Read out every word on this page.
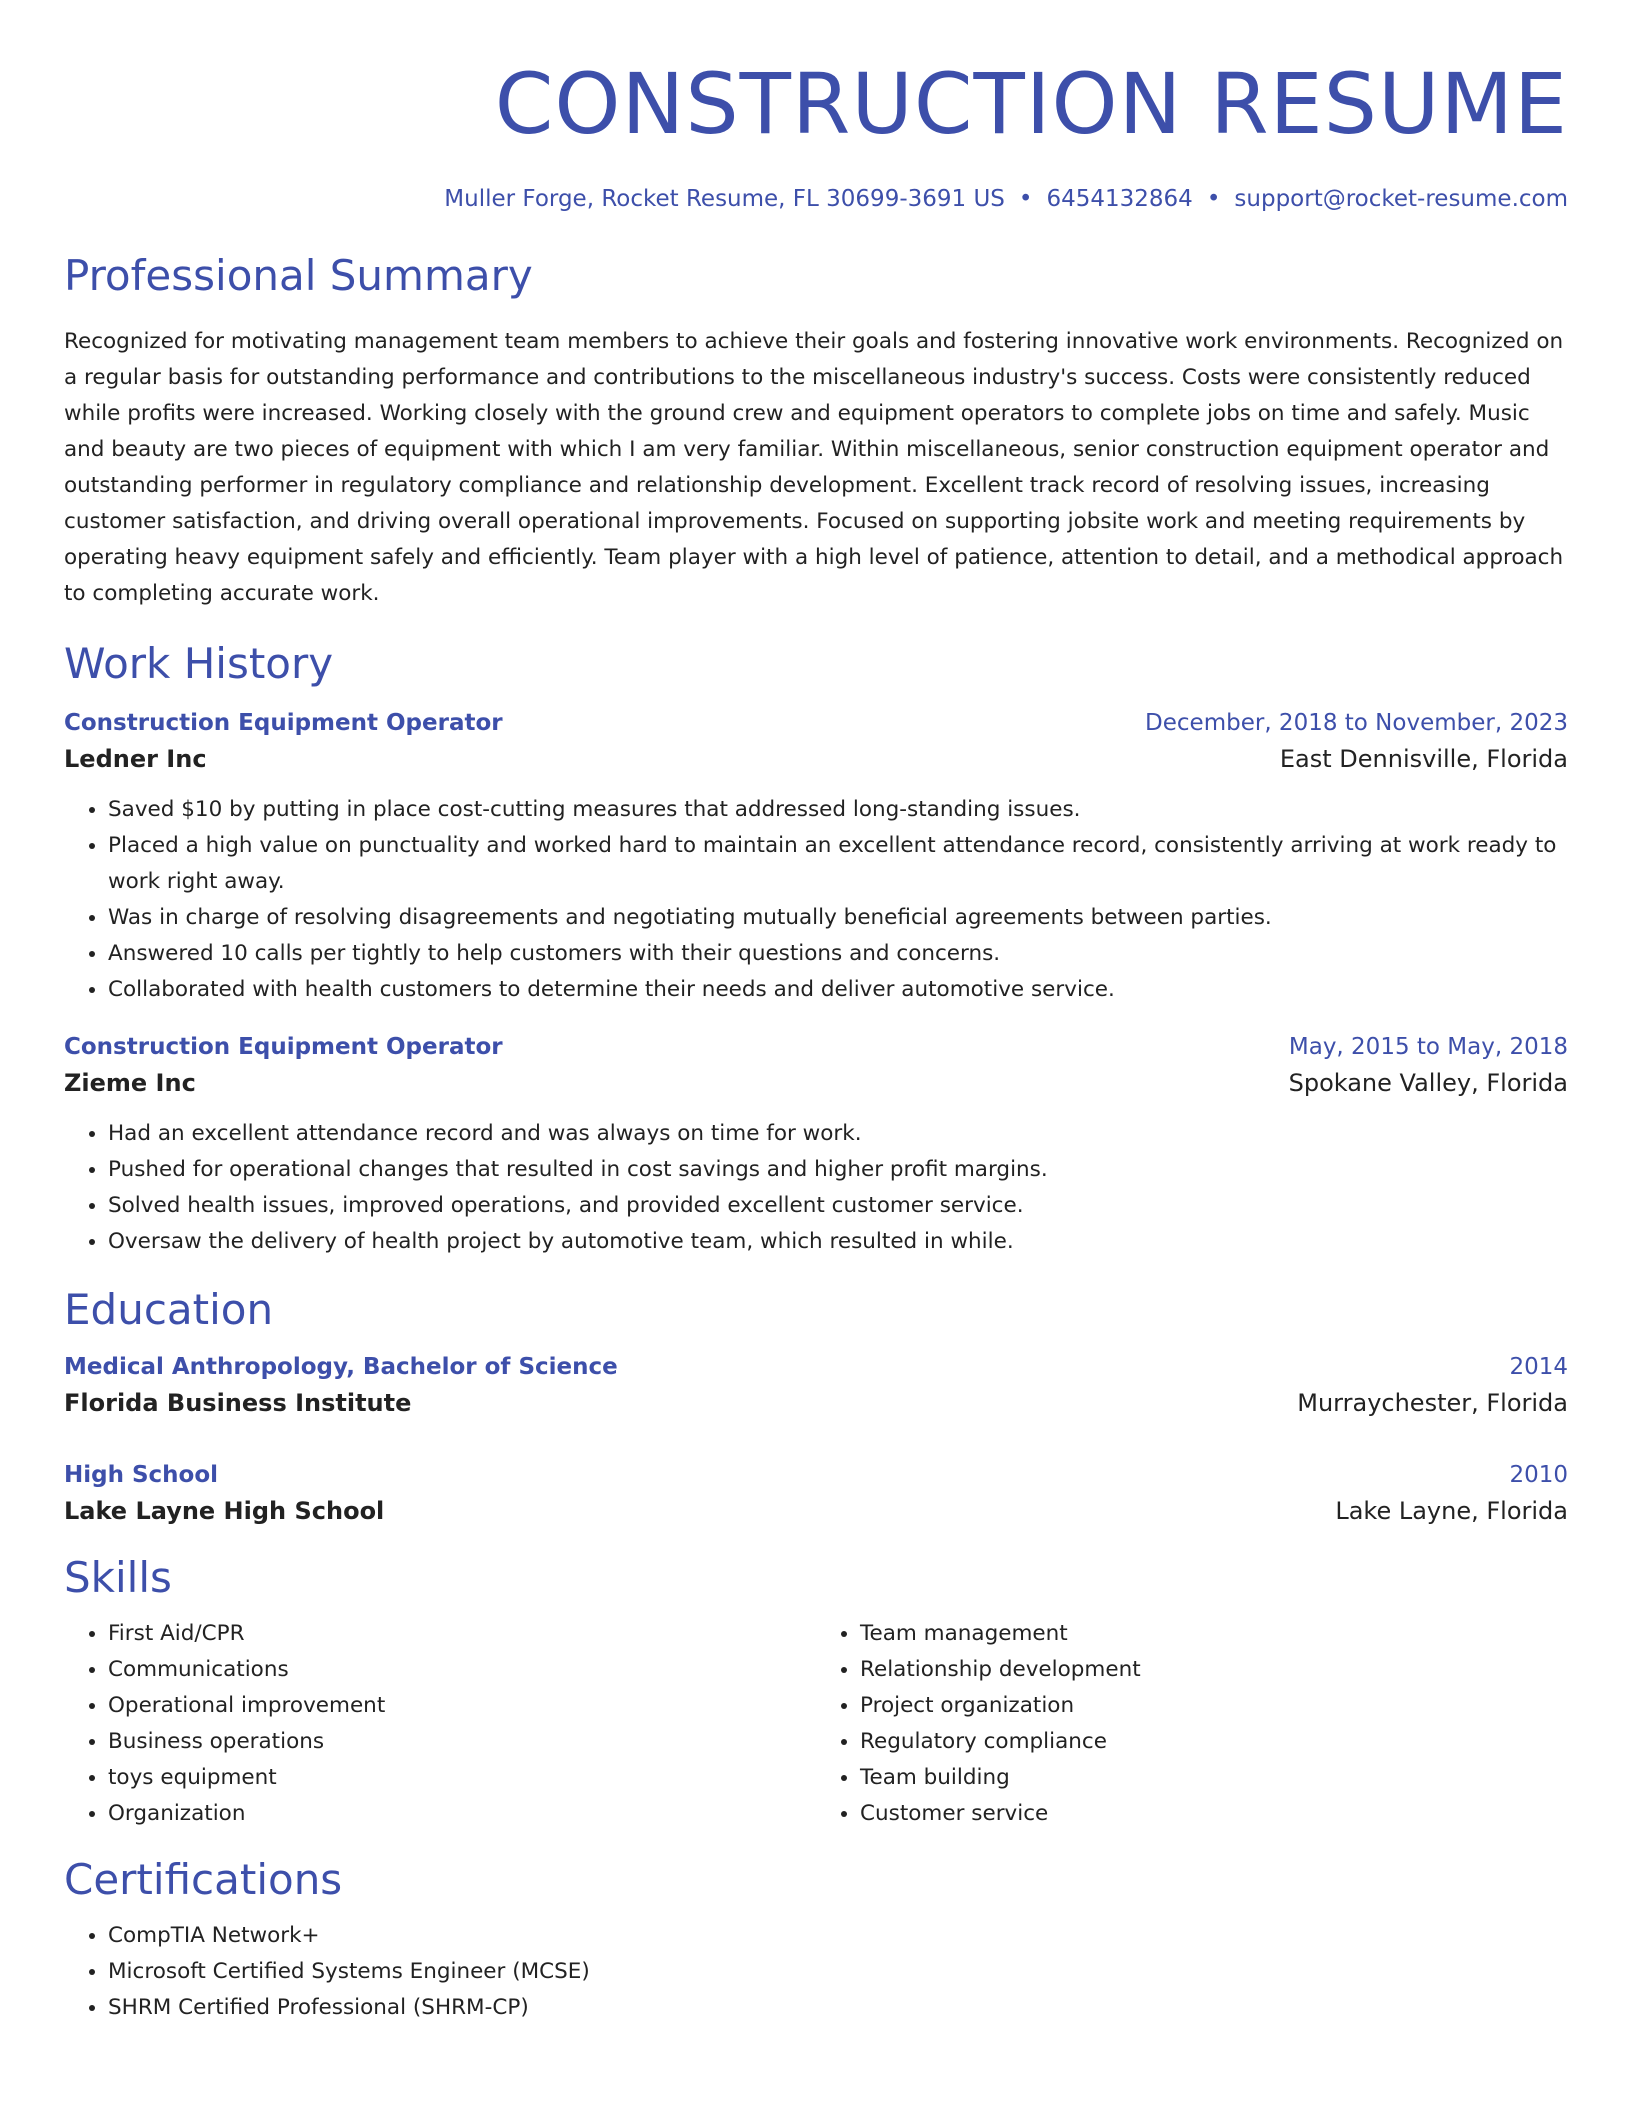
CONSTRUCTION RESUME
Muller Forge, Rocket Resume, FL 30699-3691 US • 6454132864 • support@rocket-resume.com
Professional Summary

Recognized for motivating management team members to achieve their goals and fostering innovative work environments. Recognized on a regular basis for outstanding performance and contributions to the miscellaneous industry's success. Costs were consistently reduced while profits were increased. Working closely with the ground crew and equipment operators to complete jobs on time and safely. Music and beauty are two pieces of equipment with which I am very familiar. Within miscellaneous, senior construction equipment operator and outstanding performer in regulatory compliance and relationship development. Excellent track record of resolving issues, increasing customer satisfaction, and driving overall operational improvements. Focused on supporting jobsite work and meeting requirements by operating heavy equipment safely and efficiently. Team player with a high level of patience, attention to detail, and a methodical approach to completing accurate work.

Work History
Construction Equipment Operator	December, 2018 to November, 2023
Ledner Inc	East Dennisville, Florida
• Saved $10 by putting in place cost-cutting measures that addressed long-standing issues.
• Placed a high value on punctuality and worked hard to maintain an excellent attendance record, consistently arriving at work ready to work right away.
• Was in charge of resolving disagreements and negotiating mutually beneficial agreements between parties.
• Answered 10 calls per tightly to help customers with their questions and concerns.
• Collaborated with health customers to determine their needs and deliver automotive service.
Construction Equipment Operator	May, 2015 to May, 2018
Zieme Inc	Spokane Valley, Florida
• Had an excellent attendance record and was always on time for work.
• Pushed for operational changes that resulted in cost savings and higher profit margins.
• Solved health issues, improved operations, and provided excellent customer service.
• Oversaw the delivery of health project by automotive team, which resulted in while.
Education
Medical Anthropology, Bachelor of Science	2014
Florida Business Institute	Murraychester, Florida
High School	2010
Lake Layne High School	Lake Layne, Florida
Skills
• First Aid/CPR
• Communications
• Operational improvement
• Business operations
• toys equipment
• Organization
• Team management
• Relationship development
• Project organization
• Regulatory compliance
• Team building
• Customer service
Certifications
• CompTIA Network+
• Microsoft Certified Systems Engineer (MCSE)
• SHRM Certified Professional (SHRM-CP)
